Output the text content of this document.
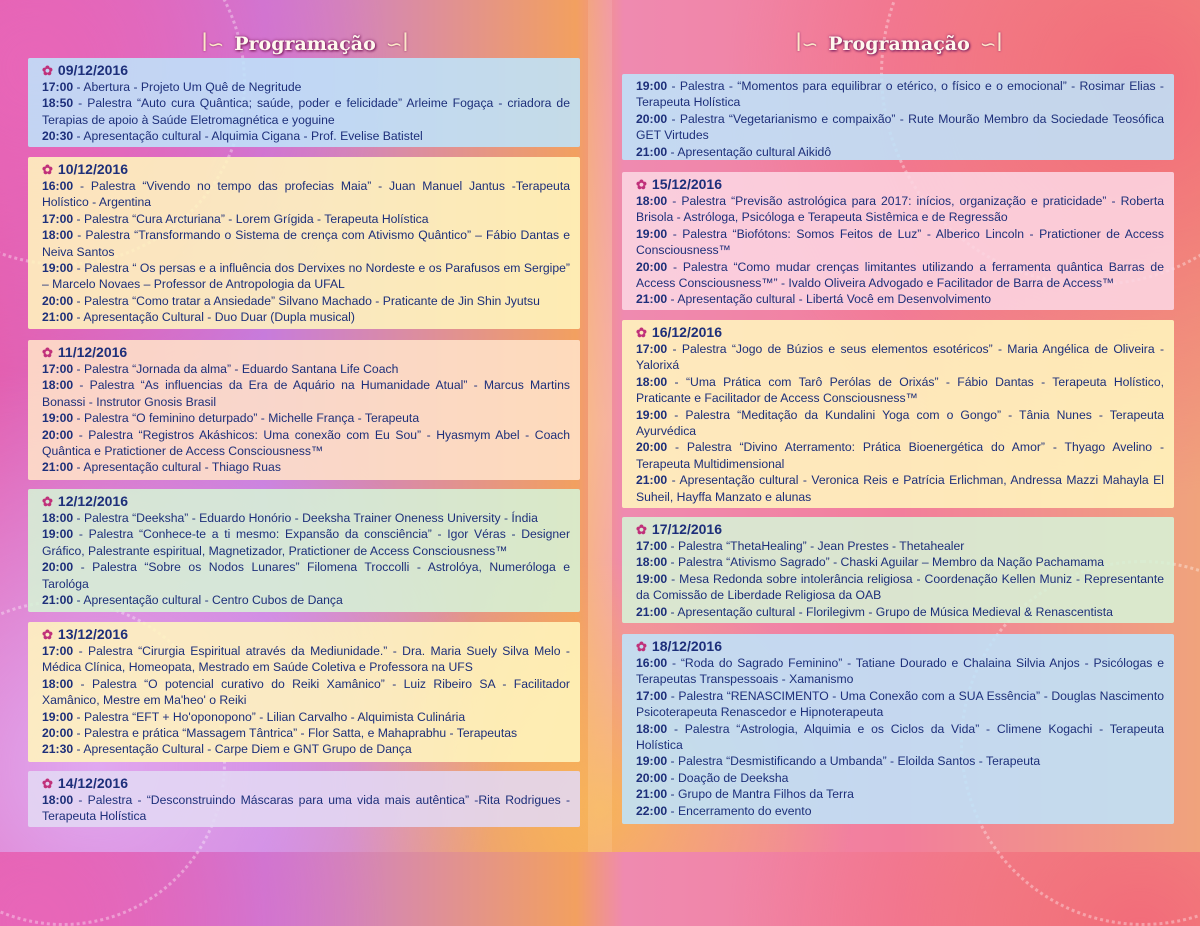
ꟾ∽ Programação ∽ꟾ
✿ 09/12/2016

17:00 - Abertura - Projeto Um Quê de Negritude

18:50 - Palestra “Auto cura Quântica; saúde, poder e felicidade” Arleime Fogaça - criadora de Terapias de apoio à Saúde Eletromagnética e yoguine

20:30 - Apresentação cultural - Alquimia Cigana - Prof. Evelise Batistel

✿ 10/12/2016

16:00 - Palestra “Vivendo no tempo das profecias Maia” - Juan Manuel Jantus -Terapeuta Holístico - Argentina

17:00 - Palestra “Cura Arcturiana” - Lorem Grígida - Terapeuta Holística

18:00 - Palestra “Transformando o Sistema de crença com Ativismo Quântico” – Fábio Dantas e Neiva Santos

19:00 - Palestra “ Os persas e a influência dos Dervixes no Nordeste e os Parafusos em Sergipe” – Marcelo Novaes – Professor de Antropologia da UFAL

20:00 - Palestra “Como tratar a Ansiedade” Silvano Machado - Praticante de Jin Shin Jyutsu

21:00 - Apresentação Cultural - Duo Duar (Dupla musical)

✿ 11/12/2016

17:00 - Palestra “Jornada da alma” - Eduardo Santana Life Coach

18:00 - Palestra “As influencias da Era de Aquário na Humanidade Atual” - Marcus Martins Bonassi - Instrutor Gnosis Brasil

19:00 - Palestra “O feminino deturpado” - Michelle França - Terapeuta

20:00 - Palestra “Registros Akáshicos: Uma conexão com Eu Sou” - Hyasmym Abel - Coach Quântica e Pratictioner de Access Consciousness™

21:00 - Apresentação cultural - Thiago Ruas

✿ 12/12/2016

18:00 - Palestra “Deeksha” - Eduardo Honório - Deeksha Trainer Oneness University - Índia

19:00 - Palestra “Conhece-te a ti mesmo: Expansão da consciência” - Igor Véras - Designer Gráfico, Palestrante espiritual, Magnetizador, Pratictioner de Access Consciousness™

20:00 - Palestra “Sobre os Nodos Lunares” Filomena Troccolli - Astrolóya, Numeróloga e Tarológa

21:00 - Apresentação cultural - Centro Cubos de Dança

✿ 13/12/2016

17:00 - Palestra “Cirurgia Espiritual através da Mediunidade.” - Dra. Maria Suely Silva Melo - Médica Clínica, Homeopata, Mestrado em Saúde Coletiva e Professora na UFS

18:00 - Palestra “O potencial curativo do Reiki Xamânico” - Luiz Ribeiro SA - Facilitador Xamânico, Mestre em Ma'heo' o Reiki

19:00 - Palestra “EFT + Ho'oponopono” - Lilian Carvalho - Alquimista Culinária

20:00 - Palestra e prática “Massagem Tântrica” - Flor Satta, e Mahaprabhu - Terapeutas

21:30 - Apresentação Cultural - Carpe Diem e GNT Grupo de Dança

✿ 14/12/2016

18:00 - Palestra - “Desconstruindo Máscaras para uma vida mais autêntica” -Rita Rodrigues - Terapeuta Holística

ꟾ∽ Programação ∽ꟾ

19:00 - Palestra - “Momentos para equilibrar o etérico, o físico e o emocional” - Rosimar Elias - Terapeuta Holística

20:00 - Palestra “Vegetarianismo e compaixão” - Rute Mourão Membro da Sociedade Teosófica GET Virtudes

21:00 - Apresentação cultural Aikidô

✿ 15/12/2016

18:00 - Palestra “Previsão astrológica para 2017: inícios, organização e praticidade” - Roberta Brisola - Astróloga, Psicóloga e Terapeuta Sistêmica e de Regressão

19:00 - Palestra “Biofótons: Somos Feitos de Luz” - Alberico Lincoln - Pratictioner de Access Consciousness™

20:00 - Palestra “Como mudar crenças limitantes utilizando a ferramenta quântica Barras de Access Consciousness™” - Ivaldo Oliveira Advogado e Facilitador de Barra de Access™

21:00 - Apresentação cultural - Libertá Você em Desenvolvimento

✿ 16/12/2016

17:00 - Palestra “Jogo de Búzios e seus elementos esotéricos” - Maria Angélica de Oliveira - Yalorixá

18:00 - “Uma Prática com Tarô Perólas de Orixás” - Fábio Dantas - Terapeuta Holístico, Praticante e Facilitador de Access Consciousness™

19:00 - Palestra “Meditação da Kundalini Yoga com o Gongo” - Tânia Nunes - Terapeuta Ayurvédica

20:00 - Palestra “Divino Aterramento: Prática Bioenergética do Amor” - Thyago Avelino - Terapeuta Multidimensional

21:00 - Apresentação cultural - Veronica Reis e Patrícia Erlichman, Andressa Mazzi Mahayla El Suheil, Hayffa Manzato e alunas

✿ 17/12/2016

17:00 - Palestra “ThetaHealing” - Jean Prestes - Thetahealer

18:00 - Palestra “Ativismo Sagrado” - Chaski Aguilar – Membro da Nação Pachamama

19:00 - Mesa Redonda sobre intolerância religiosa - Coordenação Kellen Muniz - Representante da Comissão de Liberdade Religiosa da OAB

21:00 - Apresentação cultural - Florilegivm - Grupo de Música Medieval & Renascentista

✿ 18/12/2016

16:00 - “Roda do Sagrado Feminino” - Tatiane Dourado e Chalaina Silvia Anjos - Psicólogas e Terapeutas Transpessoais - Xamanismo

17:00 - Palestra “RENASCIMENTO - Uma Conexão com a SUA Essência” - Douglas Nascimento Psicoterapeuta Renascedor e Hipnoterapeuta

18:00 - Palestra “Astrologia, Alquimia e os Ciclos da Vida” - Climene Kogachi - Terapeuta Holística

19:00 - Palestra “Desmistificando a Umbanda” - Eloilda Santos - Terapeuta

20:00 - Doação de Deeksha

21:00 - Grupo de Mantra Filhos da Terra

22:00 - Encerramento do evento
